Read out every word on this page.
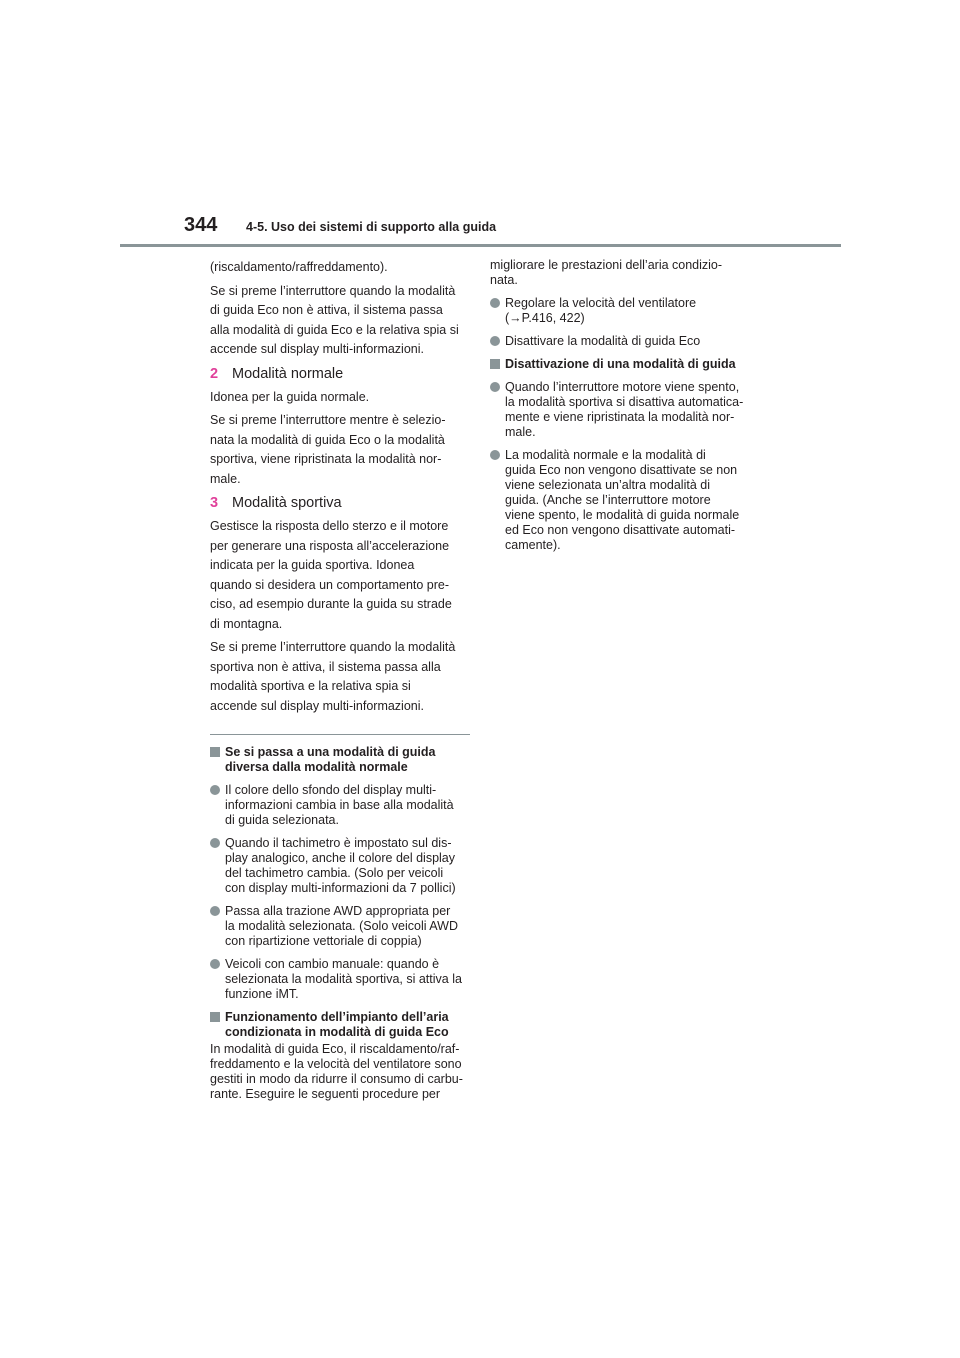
344 4-5. Uso dei sistemi di supporto alla guida

(riscaldamento/raffreddamento).

Se si preme l’interruttore quando la modalità
di guida Eco non è attiva, il sistema passa
alla modalità di guida Eco e la relativa spia si
accende sul display multi-informazioni.

2 Modalità normale

Idonea per la guida normale.

Se si preme l’interruttore mentre è selezio-
nata la modalità di guida Eco o la modalità
sportiva, viene ripristinata la modalità nor-
male.

3 Modalità sportiva

Gestisce la risposta dello sterzo e il motore
per generare una risposta all’accelerazione
indicata per la guida sportiva. Idonea
quando si desidera un comportamento pre-
ciso, ad esempio durante la guida su strade
di montagna.

Se si preme l’interruttore quando la modalità
sportiva non è attiva, il sistema passa alla
modalità sportiva e la relativa spia si
accende sul display multi-informazioni.

Se si passa a una modalità di guida
diversa dalla modalità normale
Il colore dello sfondo del display multi-
informazioni cambia in base alla modalità
di guida selezionata.
Quando il tachimetro è impostato sul dis-
play analogico, anche il colore del display
del tachimetro cambia. (Solo per veicoli
con display multi-informazioni da 7 pollici)
Passa alla trazione AWD appropriata per
la modalità selezionata. (Solo veicoli AWD
con ripartizione vettoriale di coppia)
Veicoli con cambio manuale: quando è
selezionata la modalità sportiva, si attiva la
funzione iMT.
Funzionamento dell’impianto dell’aria
condizionata in modalità di guida Eco

In modalità di guida Eco, il riscaldamento/raf-
freddamento e la velocità del ventilatore sono
gestiti in modo da ridurre il consumo di carbu-
rante. Eseguire le seguenti procedure per

migliorare le prestazioni dell’aria condizio-
nata.

Regolare la velocità del ventilatore
(→P.416, 422)
Disattivare la modalità di guida Eco
Disattivazione di una modalità di guida
Quando l’interruttore motore viene spento,
la modalità sportiva si disattiva automatica-
mente e viene ripristinata la modalità nor-
male.
La modalità normale e la modalità di
guida Eco non vengono disattivate se non
viene selezionata un’altra modalità di
guida. (Anche se l’interruttore motore
viene spento, le modalità di guida normale
ed Eco non vengono disattivate automati-
camente).
